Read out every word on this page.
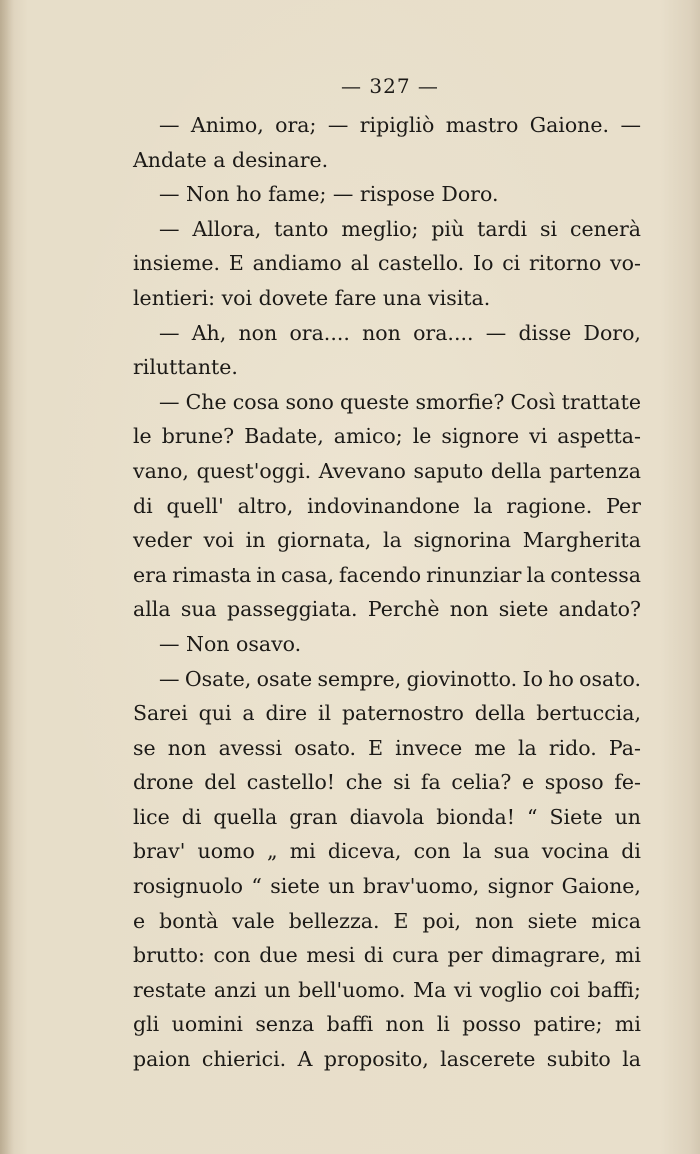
— 327 —
— Animo, ora; — ripigliò mastro Gaione. —
Andate a desinare.
— Non ho fame; — rispose Doro.
— Allora, tanto meglio; più tardi si cenerà
insieme. E andiamo al castello. Io ci ritorno vo-
lentieri: voi dovete fare una visita.
— Ah, non ora.... non ora.... — disse Doro,
riluttante.
— Che cosa sono queste smorfie? Così trattate
le brune? Badate, amico; le signore vi aspetta-
vano, quest'oggi. Avevano saputo della partenza
di quell' altro, indovinandone la ragione. Per
veder voi in giornata, la signorina Margherita
era rimasta in casa, facendo rinunziar la contessa
alla sua passeggiata. Perchè non siete andato?
— Non osavo.
— Osate, osate sempre, giovinotto. Io ho osato.
Sarei qui a dire il paternostro della bertuccia,
se non avessi osato. E invece me la rido. Pa-
drone del castello! che si fa celia? e sposo fe-
lice di quella gran diavola bionda! “ Siete un
brav' uomo „ mi diceva, con la sua vocina di
rosignuolo “ siete un brav'uomo, signor Gaione,
e bontà vale bellezza. E poi, non siete mica
brutto: con due mesi di cura per dimagrare, mi
restate anzi un bell'uomo. Ma vi voglio coi baffi;
gli uomini senza baffi non li posso patire; mi
paion chierici. A proposito, lascerete subito la
